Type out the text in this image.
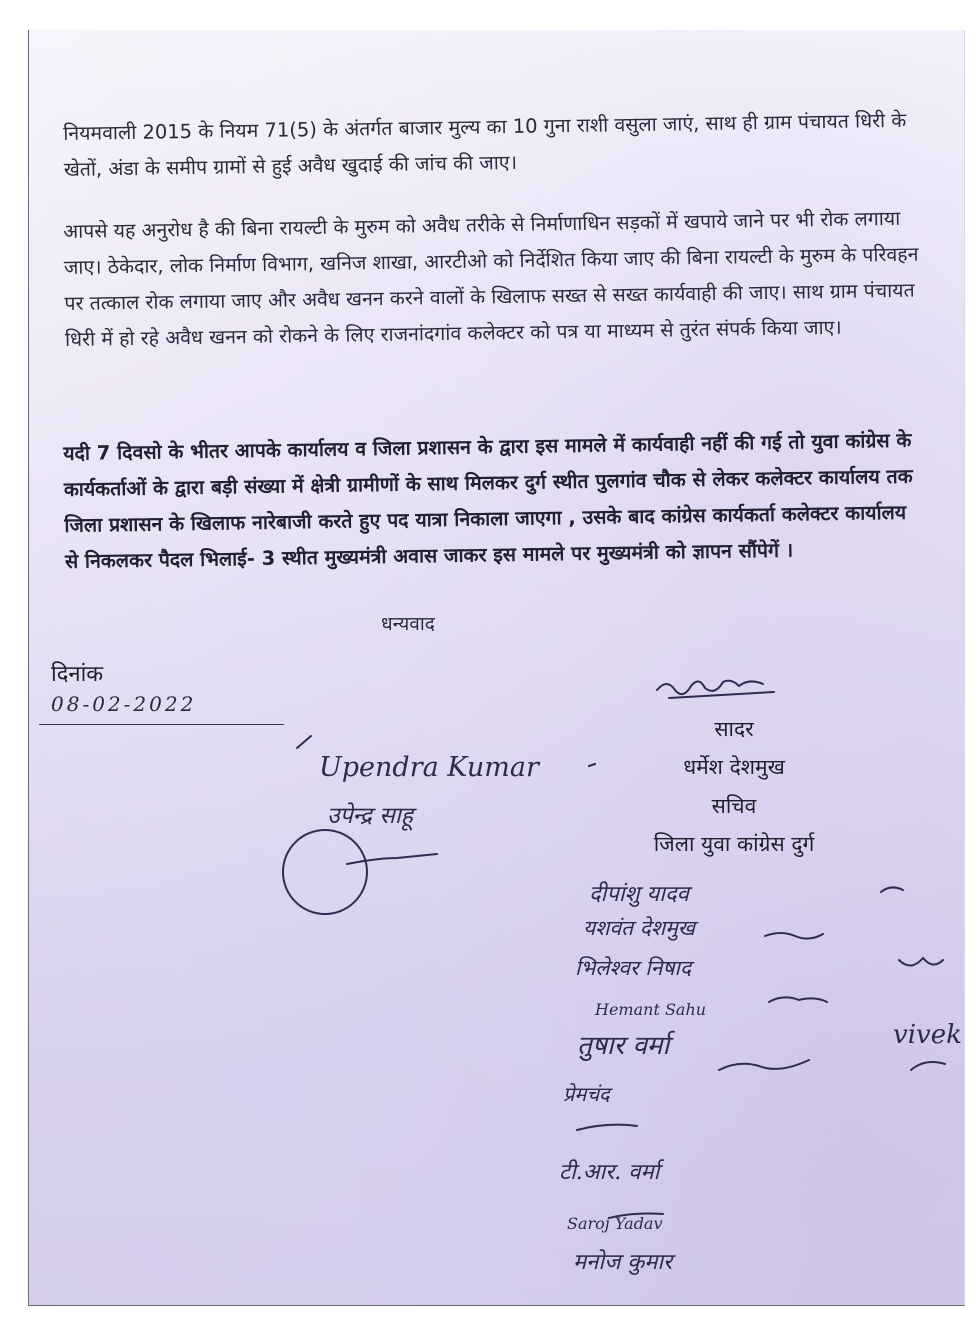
नियमवाली 2015 के नियम 71(5) के अंतर्गत बाजार मुल्य का 10 गुना राशी वसुला जाएं, साथ ही ग्राम पंचायत धिरी के खेतों, अंडा के समीप ग्रामों से हुई अवैध खुदाई की जांच की जाए।

आपसे यह अनुरोध है की बिना रायल्टी के मुरुम को अवैध तरीके से निर्माणाधिन सड़कों में खपाये जाने पर भी रोक लगाया जाए। ठेकेदार, लोक निर्माण विभाग, खनिज शाखा, आरटीओ को निर्देशित किया जाए की बिना रायल्टी के मुरुम के परिवहन पर तत्काल रोक लगाया जाए और अवैध खनन करने वालों के खिलाफ सख्त से सख्त कार्यवाही की जाए। साथ ग्राम पंचायत धिरी में हो रहे अवैध खनन को रोकने के लिए राजनांदगांव कलेक्टर को पत्र या माध्यम से तुरंत संपर्क किया जाए।

यदी 7 दिवसो के भीतर आपके कार्यालय व जिला प्रशासन के द्वारा इस मामले में कार्यवाही नहीं की गई तो युवा कांग्रेस के कार्यकर्ताओं के द्वारा बड़ी संख्या में क्षेत्री ग्रामीणों के साथ मिलकर दुर्ग स्थीत पुलगांव चौक से लेकर कलेक्टर कार्यालय तक जिला प्रशासन के खिलाफ नारेबाजी करते हुए पद यात्रा निकाला जाएगा , उसके बाद कांग्रेस कार्यकर्ता कलेक्टर कार्यालय से निकलकर पैदल भिलाई- 3 स्थीत मुख्यमंत्री अवास जाकर इस मामले पर मुख्यमंत्री को ज्ञापन सौंपेगें ।

धन्यवाद
दिनांक
08-02-2022
सादर
धर्मेश देशमुख
सचिव
जिला युवा कांग्रेस दुर्ग
Upendra Kumar
उपेन्द्र साहू
दीपांशु यादव
यशवंत देशमुख
भिलेश्वर निषाद
Hemant Sahu
तुषार वर्मा	vivek
प्रेमचंद
टी.आर. वर्मा
Saroj Yadav
मनोज कुमार
